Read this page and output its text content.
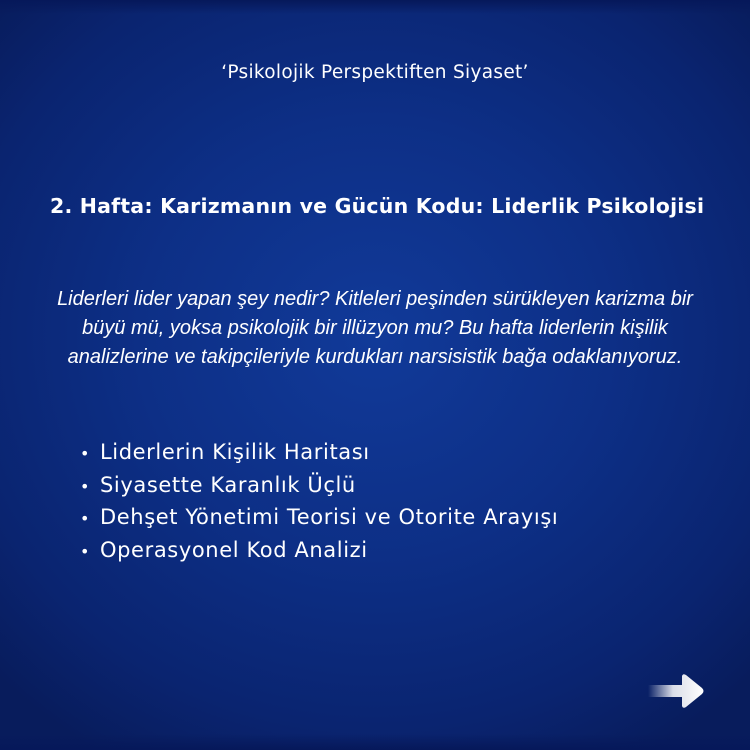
‘Psikolojik Perspektiften Siyaset’
2. Hafta: Karizmanın ve Gücün Kodu: Liderlik Psikolojisi
Liderleri lider yapan şey nedir? Kitleleri peşinden sürükleyen karizma bir büyü mü, yoksa psikolojik bir illüzyon mu? Bu hafta liderlerin kişilik analizlerine ve takipçileriyle kurdukları narsisistik bağa odaklanıyoruz.
• Liderlerin Kişilik Haritası
• Siyasette Karanlık Üçlü
• Dehşet Yönetimi Teorisi ve Otorite Arayışı
• Operasyonel Kod Analizi
